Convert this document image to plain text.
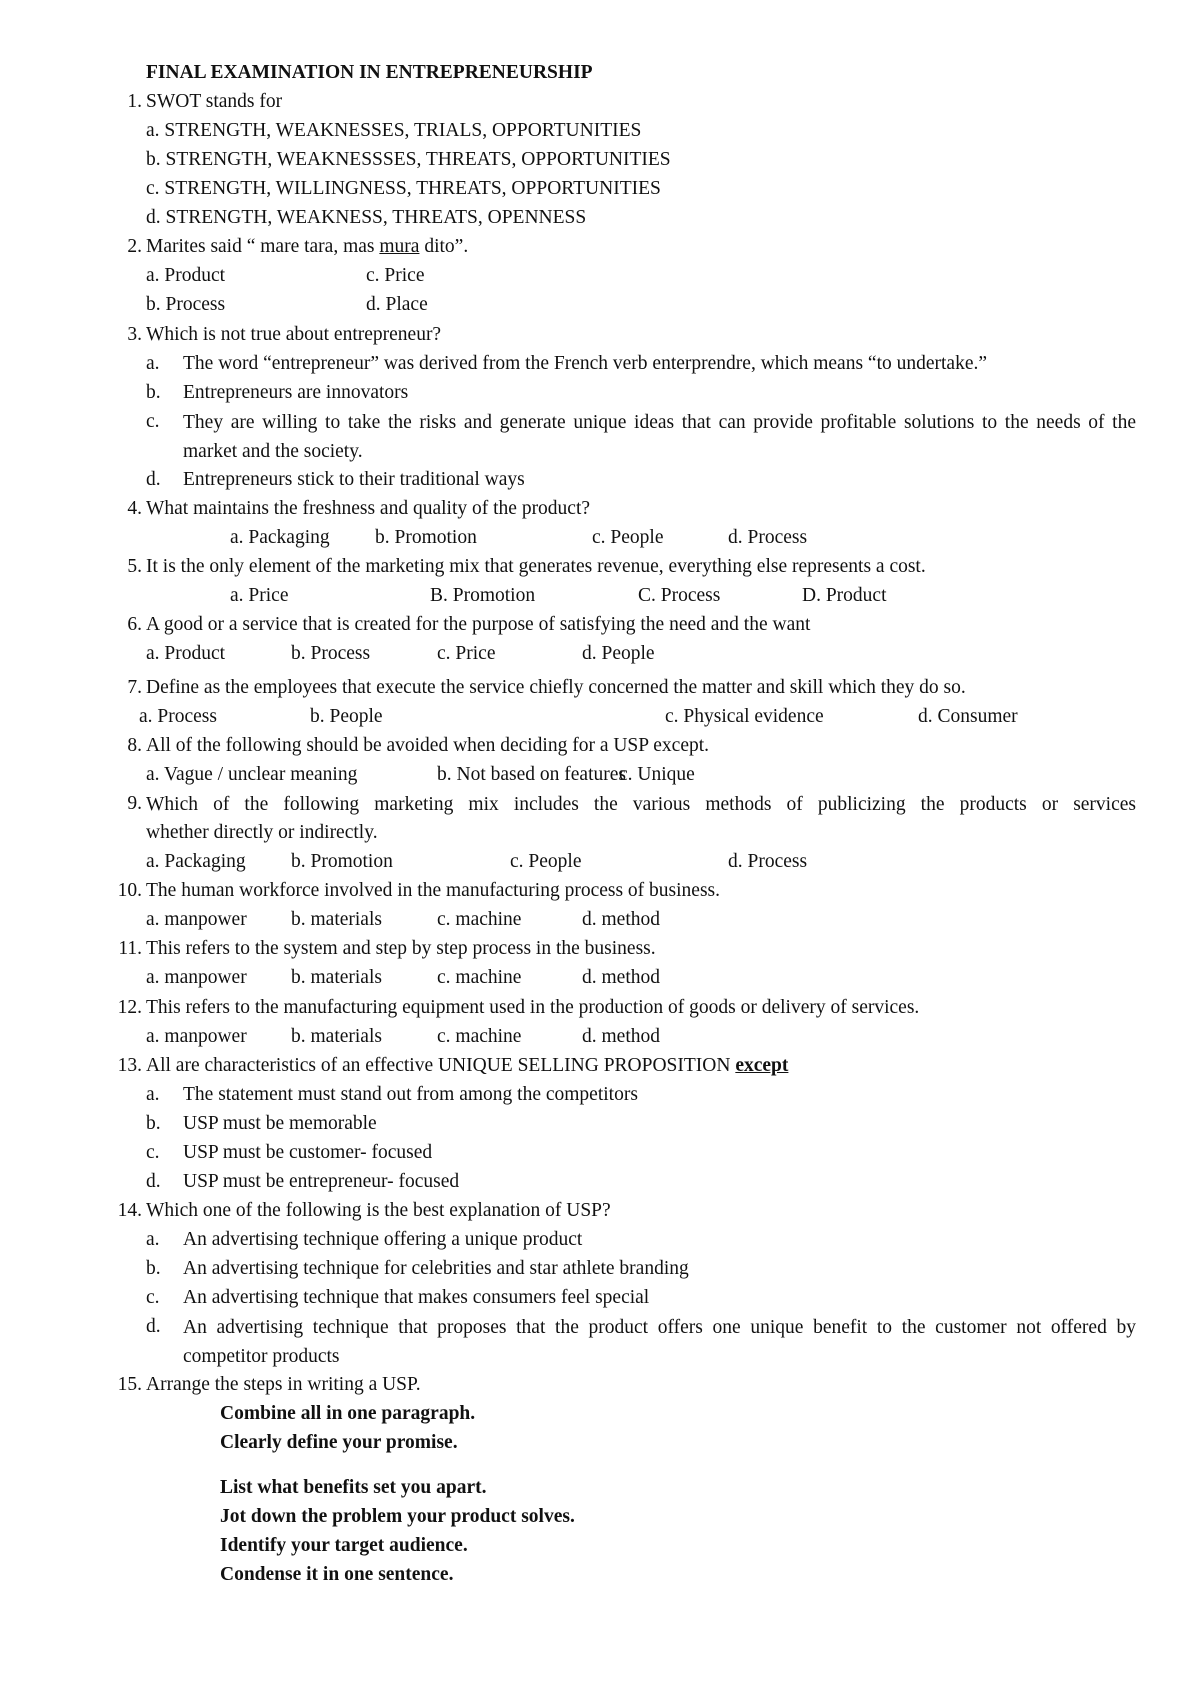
FINAL EXAMINATION IN ENTREPRENEURSHIP
1. SWOT stands for
a. STRENGTH, WEAKNESSES, TRIALS, OPPORTUNITIES
b. STRENGTH, WEAKNESSSES, THREATS, OPPORTUNITIES
c. STRENGTH, WILLINGNESS, THREATS, OPPORTUNITIES
d. STRENGTH, WEAKNESS, THREATS, OPENNESS
2. Marites said “ mare tara, mas mura dito”.
a. Product	c. Price
b. Process	d. Place
3. Which is not true about entrepreneur?
a. The word “entrepreneur” was derived from the French verb enterprendre, which means “to undertake.”
b. Entrepreneurs are innovators
c. They are willing to take the risks and generate unique ideas that can provide profitable solutions to the needs of the market and the society.
d. Entrepreneurs stick to their traditional ways
4. What maintains the freshness and quality of the product?
a. Packaging b. Promotion	c. People	d. Process
5. It is the only element of the marketing mix that generates revenue, everything else represents a cost.
a. Price	B. Promotion	C. Process	D. Product
6. A good or a service that is created for the purpose of satisfying the need and the want
a. Product	b. Process	c. Price	d. People
7. Define as the employees that execute the service chiefly concerned the matter and skill which they do so.
a. Process	b. People	c. Physical evidence	d. Consumer
8. All of the following should be avoided when deciding for a USP except.
a. Vague / unclear meaning	b. Not based on features
c. Unique
9. Which of the following marketing mix includes the various methods of publicizing the products or services
whether directly or indirectly.
a. Packaging b. Promotion	c. People	d. Process
10. The human workforce involved in the manufacturing process of business.
a. manpower b. materials	c. machine	d. method
11. This refers to the system and step by step process in the business.
a. manpower b. materials	c. machine	d. method
12. This refers to the manufacturing equipment used in the production of goods or delivery of services.
a. manpower b. materials	c. machine	d. method
13. All are characteristics of an effective UNIQUE SELLING PROPOSITION except
a. The statement must stand out from among the competitors
b. USP must be memorable
c. USP must be customer- focused
d. USP must be entrepreneur- focused
14. Which one of the following is the best explanation of USP?
a. An advertising technique offering a unique product
b. An advertising technique for celebrities and star athlete branding
c. An advertising technique that makes consumers feel special
d. An advertising technique that proposes that the product offers one unique benefit to the customer not offered by competitor products
15. Arrange the steps in writing a USP.
Combine all in one paragraph.
Clearly define your promise.
List what benefits set you apart.
Jot down the problem your product solves.
Identify your target audience.
Condense it in one sentence.
